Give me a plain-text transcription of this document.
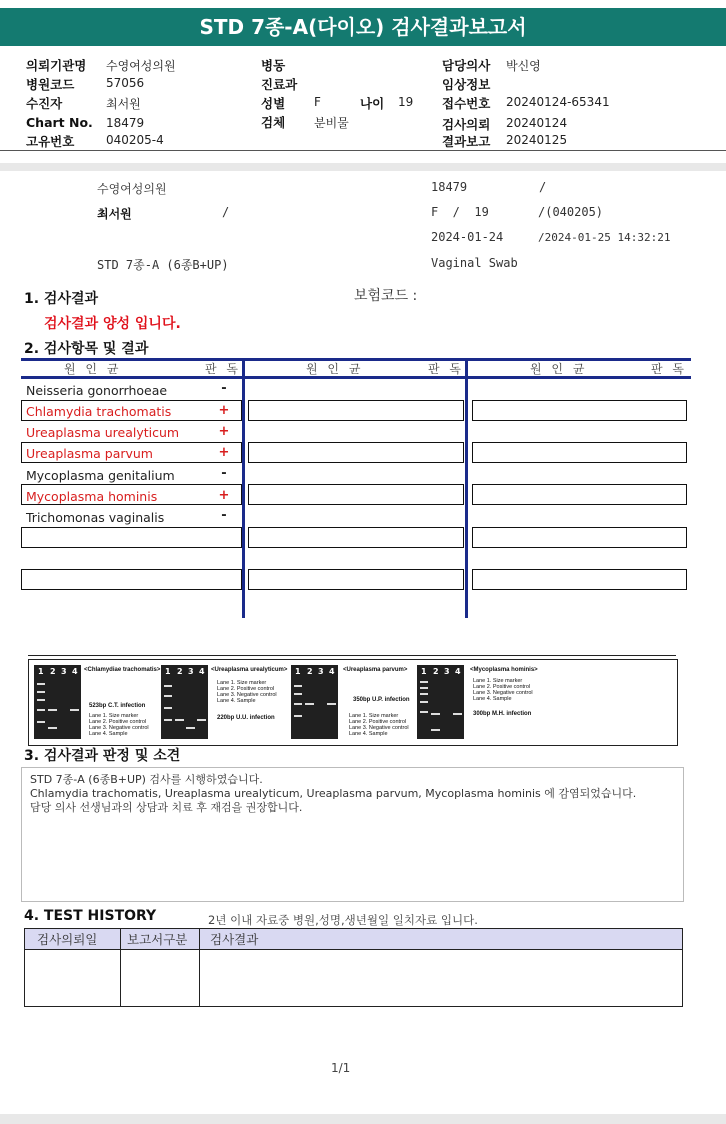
STD 7종-A(다이오) 검사결과보고서
의뢰기관명 수영여성의원
병원코드	57056
수진자	최서원
Chart No. 18479
고유번호	040205-4
병동
진료과
성별 F	나이 19
검체 분비물
담당의사 박신영
임상정보
접수번호 20240124-65341
검사의뢰 20240124
결과보고 20240125
수영여성의원	18479	/
최서원	/	F  /  19	/(040205)
2024-01-24	/2024-01-25 14:32:21
STD 7종-A (6종B+UP)	Vaginal Swab
1. 검사결과	보험코드 :
검사결과 양성 입니다.
2. 검사항목 및 결과
원 인 균	판 독	원 인 균	판 독	원 인 균	판 독
Neisseria gonorrhoeae	-
Chlamydia trachomatis	+
Ureaplasma urealyticum	+
Ureaplasma parvum	+
Mycoplasma genitalium	-
Mycoplasma hominis	+
Trichomonas vaginalis	-
1 2 3 4 <Chlamydiae trachomatis>
523bp C.T. infection
Lane 1. Size marker
Lane 2. Positive control
Lane 3. Negative control
Lane 4. Sample
1 2 3 4 <Ureaplasma urealyticum>
Lane 1. Size marker
Lane 2. Positive control
Lane 3. Negative control
Lane 4. Sample
220bp U.U. infection
1 2 3 4 <Ureaplasma parvum>
350bp U.P. infection
Lane 1. Size marker
Lane 2. Positive control
Lane 3. Negative control
Lane 4. Sample
1 2 3 4 <Mycoplasma hominis>
Lane 1. Size marker
Lane 2. Positive control
Lane 3. Negative control
Lane 4. Sample
300bp M.H. infection
3. 검사결과 판정 및 소견
STD 7종-A (6종B+UP) 검사를 시행하였습니다.
Chlamydia trachomatis, Ureaplasma urealyticum, Ureaplasma parvum, Mycoplasma hominis 에 감염되었습니다.
담당 의사 선생님과의 상담과 치료 후 재검을 권장합니다.
4. TEST HISTORY	2년 이내 자료중 병원,성명,생년월일 일치자료 입니다.
검사의뢰일	보고서구분	검사결과

1/1
